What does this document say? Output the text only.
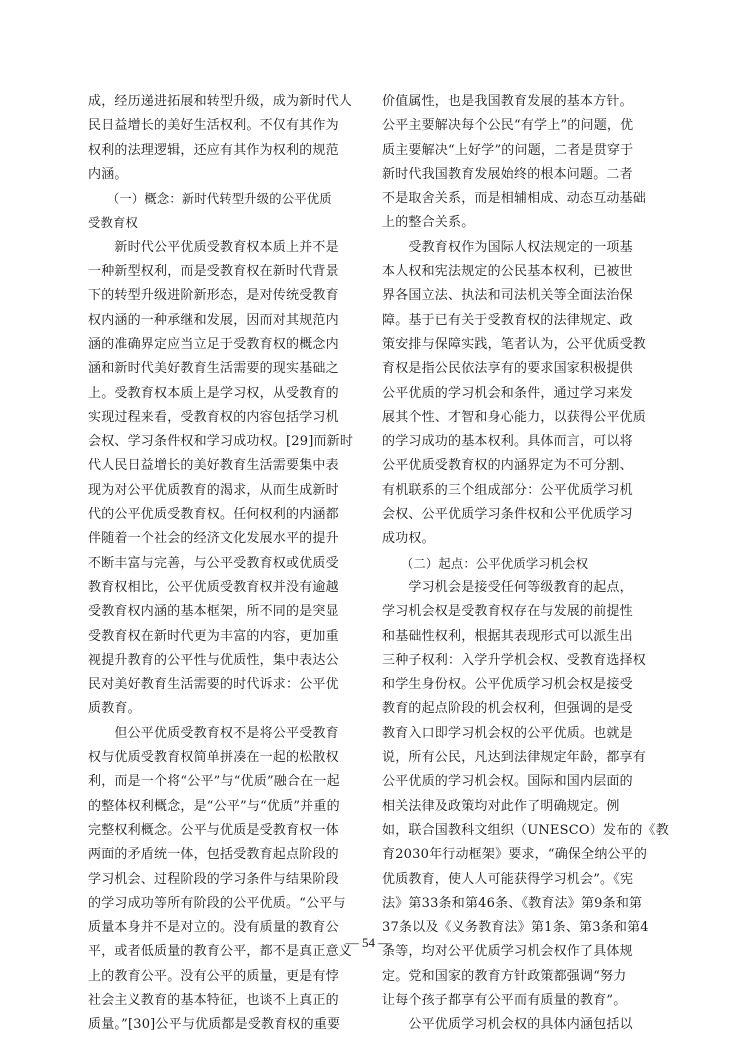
成，经历递进拓展和转型升级，成为新时代人
民日益增长的美好生活权利。不仅有其作为
权利的法理逻辑，还应有其作为权利的规范
内涵。
　　（一）概念：新时代转型升级的公平优质
受教育权
　　新时代公平优质受教育权本质上并不是
一种新型权利，而是受教育权在新时代背景
下的转型升级进阶新形态，是对传统受教育
权内涵的一种承继和发展，因而对其规范内
涵的准确界定应当立足于受教育权的概念内
涵和新时代美好教育生活需要的现实基础之
上。受教育权本质上是学习权，从受教育的
实现过程来看，受教育权的内容包括学习机
会权、学习条件权和学习成功权。[29]而新时
代人民日益增长的美好教育生活需要集中表
现为对公平优质教育的渴求，从而生成新时
代的公平优质受教育权。任何权利的内涵都
伴随着一个社会的经济文化发展水平的提升
不断丰富与完善，与公平受教育权或优质受
教育权相比，公平优质受教育权并没有逾越
受教育权内涵的基本框架，所不同的是突显
受教育权在新时代更为丰富的内容，更加重
视提升教育的公平性与优质性，集中表达公
民对美好教育生活需要的时代诉求：公平优
质教育。
　　但公平优质受教育权不是将公平受教育
权与优质受教育权简单拼凑在一起的松散权
利，而是一个将“公平”与“优质”融合在一起
的整体权利概念，是“公平”与“优质”并重的
完整权利概念。公平与优质是受教育权一体
两面的矛盾统一体，包括受教育起点阶段的
学习机会、过程阶段的学习条件与结果阶段
的学习成功等所有阶段的公平优质。“公平与
质量本身并不是对立的。没有质量的教育公
平，或者低质量的教育公平，都不是真正意义
上的教育公平。没有公平的质量，更是有悖
社会主义教育的基本特征，也谈不上真正的
质量。”[30]公平与优质都是受教育权的重要
价值属性，也是我国教育发展的基本方针。
公平主要解决每个公民“有学上”的问题，优
质主要解决“上好学”的问题，二者是贯穿于
新时代我国教育发展始终的根本问题。二者
不是取舍关系，而是相辅相成、动态互动基础
上的整合关系。
　　受教育权作为国际人权法规定的一项基
本人权和宪法规定的公民基本权利，已被世
界各国立法、执法和司法机关等全面法治保
障。基于已有关于受教育权的法律规定、政
策安排与保障实践，笔者认为，公平优质受教
育权是指公民依法享有的要求国家积极提供
公平优质的学习机会和条件，通过学习来发
展其个性、才智和身心能力，以获得公平优质
的学习成功的基本权利。具体而言，可以将
公平优质受教育权的内涵界定为不可分割、
有机联系的三个组成部分：公平优质学习机
会权、公平优质学习条件权和公平优质学习
成功权。
　　（二）起点：公平优质学习机会权
　　学习机会是接受任何等级教育的起点，
学习机会权是受教育权存在与发展的前提性
和基础性权利，根据其表现形式可以派生出
三种子权利：入学升学机会权、受教育选择权
和学生身份权。公平优质学习机会权是接受
教育的起点阶段的机会权利，但强调的是受
教育入口即学习机会权的公平优质。也就是
说，所有公民，凡达到法律规定年龄，都享有
公平优质的学习机会权。国际和国内层面的
相关法律及政策均对此作了明确规定。例
如，联合国教科文组织（UNESCO）发布的《教
育2030年行动框架》要求，“确保全纳公平的
优质教育，使人人可能获得学习机会”。《宪
法》第33条和第46条、《教育法》第9条和第
37条以及《义务教育法》第1条、第3条和第4
条等，均对公平优质学习机会权作了具体规
定。党和国家的教育方针政策都强调“努力
让每个孩子都享有公平而有质量的教育”。
　　公平优质学习机会权的具体内涵包括以
— 54 —
